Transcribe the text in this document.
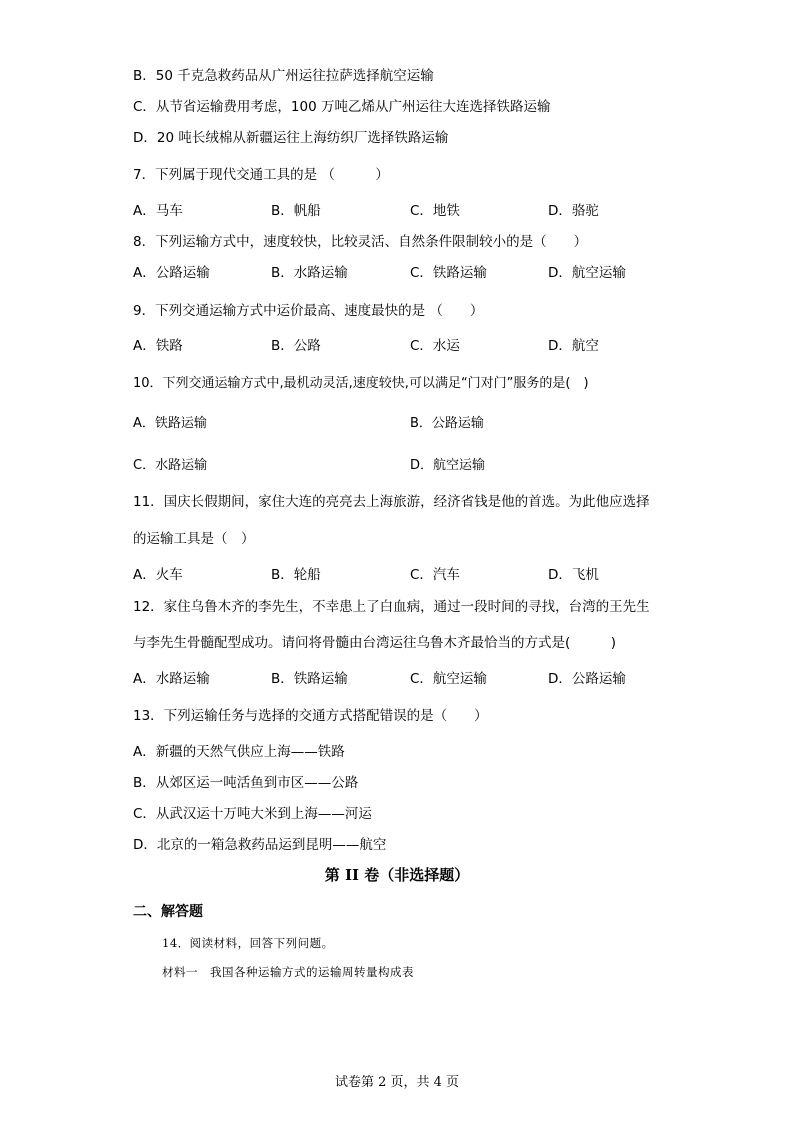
B．50 千克急救药品从广州运往拉萨选择航空运输
C．从节省运输费用考虑，100 万吨乙烯从广州运往大连选择铁路运输
D．20 吨长绒棉从新疆运往上海纺织厂选择铁路运输
7．下列属于现代交通工具的是 （　　　）
A．马车	B．帆船	C．地铁	D．骆驼
8．下列运输方式中，速度较快，比较灵活、自然条件限制较小的是（　　）
A．公路运输	B．水路运输	C．铁路运输	D．航空运输
9．下列交通运输方式中运价最高、速度最快的是 （　　）
A．铁路	B．公路	C．水运	D．航空
10．下列交通运输方式中,最机动灵活,速度较快,可以满足“门对门”服务的是(　)
A．铁路运输	B．公路运输
C．水路运输	D．航空运输
11．国庆长假期间，家住大连的亮亮去上海旅游，经济省钱是他的首选。为此他应选择
的运输工具是（　）
A．火车	B．轮船	C．汽车	D．飞机
12．家住乌鲁木齐的李先生，不幸患上了白血病，通过一段时间的寻找，台湾的王先生
与李先生骨髓配型成功。请问将骨髓由台湾运往乌鲁木齐最恰当的方式是(　　　)
A．水路运输	B．铁路运输	C．航空运输	D．公路运输
13．下列运输任务与选择的交通方式搭配错误的是（　　）
A．新疆的天然气供应上海——铁路
B．从郊区运一吨活鱼到市区——公路
C．从武汉运十万吨大米到上海——河运
D．北京的一箱急救药品运到昆明——航空
第 II 卷（非选择题）
二、解答题
14．阅读材料，回答下列问题。
材料一　我国各种运输方式的运输周转量构成表
试卷第 2 页，共 4 页
